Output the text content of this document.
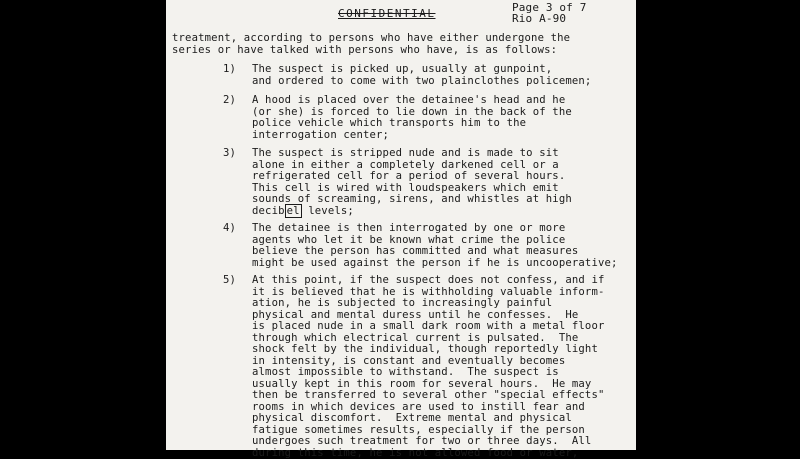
CONFIDENTIAL	Page 3 of 7
Rio A-90
treatment, according to persons who have either undergone the
series or have talked with persons who have, is as follows:
1)	The suspect is picked up, usually at gunpoint,
and ordered to come with two plainclothes policemen;
2)	A hood is placed over the detainee's head and he
(or she) is forced to lie down in the back of the
police vehicle which transports him to the
interrogation center;
3)	The suspect is stripped nude and is made to sit
alone in either a completely darkened cell or a
refrigerated cell for a period of several hours.
This cell is wired with loudspeakers which emit
sounds of screaming, sirens, and whistles at high
decib el levels;
4)	The detainee is then interrogated by one or more
agents who let it be known what crime the police
believe the person has committed and what measures
might be used against the person if he is uncooperative;
5)	At this point, if the suspect does not confess, and if
it is believed that he is withholding valuable inform-
ation, he is subjected to increasingly painful
physical and mental duress until he confesses.  He
is placed nude in a small dark room with a metal floor
through which electrical current is pulsated.  The
shock felt by the individual, though reportedly light
in intensity, is constant and eventually becomes
almost impossible to withstand.  The suspect is
usually kept in this room for several hours.  He may
then be transferred to several other "special effects"
rooms in which devices are used to instill fear and
physical discomfort.  Extreme mental and physical
fatigue sometimes results, especially if the person
undergoes such treatment for two or three days.  All
during this time, he is not allowed food or water,
